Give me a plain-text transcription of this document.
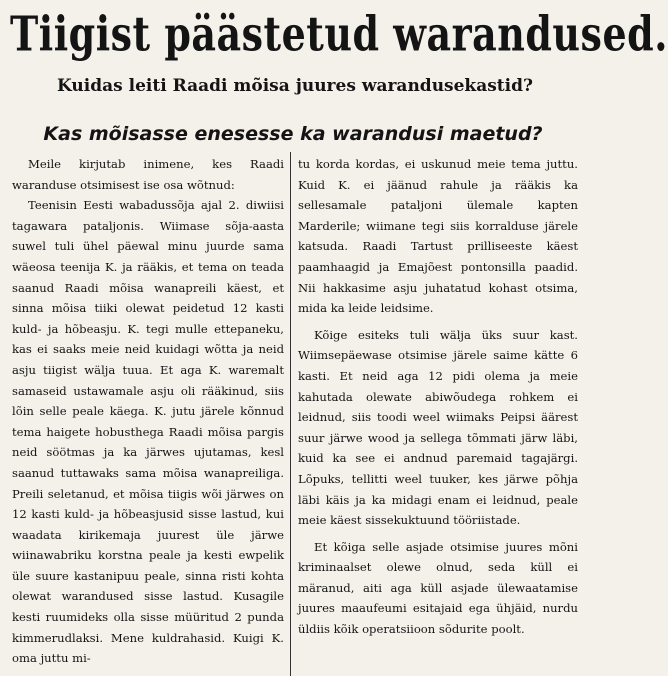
Tiigist päästetud warandused.
Kuidas leiti Raadi mõisa juures warandusekastid?
Kas mõisasse enesesse ka warandusi maetud?

Meile kirjutab inimene, kes Raadi waranduse otsimisest ise osa wõtnud:

Teenisin Eesti wabadussõja ajal 2. diwiisi tagawara pataljonis. Wiimase sõja-aasta suwel tuli ühel päewal minu juurde sama wäeosa teenija K. ja rääkis, et tema on teada saanud Raadi mõisa wanapreili käest, et sinna mõisa tiiki olewat peidetud 12 kasti kuld- ja hõbeasju. K. tegi mulle ettepaneku, kas ei saaks meie neid kuidagi wõtta ja neid asju tiigist wälja tuua. Et aga K. waremalt samaseid ustawamale asju oli rääkinud, siis lõin selle peale käega. K. jutu järele kõnnud tema haigete hobusthega Raadi mõisa pargis neid söötmas ja ka järwes ujutamas, kesl saanud tuttawaks sama mõisa wanapreiliga. Preili seletanud, et mõisa tiigis wõi järwes on 12 kasti kuld- ja hõbeasjusid sisse lastud, kui waadata kirikemaja juurest üle järwe wiinawabriku korstna peale ja kesti ewpelik üle suure kastanipuu peale, sinna risti kohta olewat warandused sisse lastud. Kusagile kesti ruumideks olla sisse müüritud 2 punda kimmerudlaksi. Mene kuldrahasid. Kuigi K. oma juttu mi-

tu korda kordas, ei uskunud meie tema juttu. Kuid K. ei jäänud rahule ja rääkis ka sellesamale pataljoni ülemale kapten Marderile; wiimane tegi siis korralduse järele katsuda. Raadi Tartust prilliseeste käest paamhaagid ja Emajõest pontonsilla paadid. Nii hakkasime asju juhatatud kohast otsima, mida ka leide leidsime.

Kõige esiteks tuli wälja üks suur kast. Wiimsepäewase otsimise järele saime kätte 6 kasti. Et neid aga 12 pidi olema ja meie kahutada olewate abiwõudega rohkem ei leidnud, siis toodi weel wiimaks Peipsi äärest suur järwe wood ja sellega tõmmati järw läbi, kuid ka see ei andnud paremaid tagajärgi. Lõpuks, tellitti weel tuuker, kes järwe põhja läbi käis ja ka midagi enam ei leidnud, peale meie käest sissekuktuund tööriistade.

Et kõiga selle asjade otsimise juures mõni kriminaalset olewe olnud, seda küll ei märanud, aiti aga küll asjade ülewaatamise juures maaufeumi esitajaid ega ühjäid, nurdu üldiis kõik operatsiioon sõdurite poolt.
